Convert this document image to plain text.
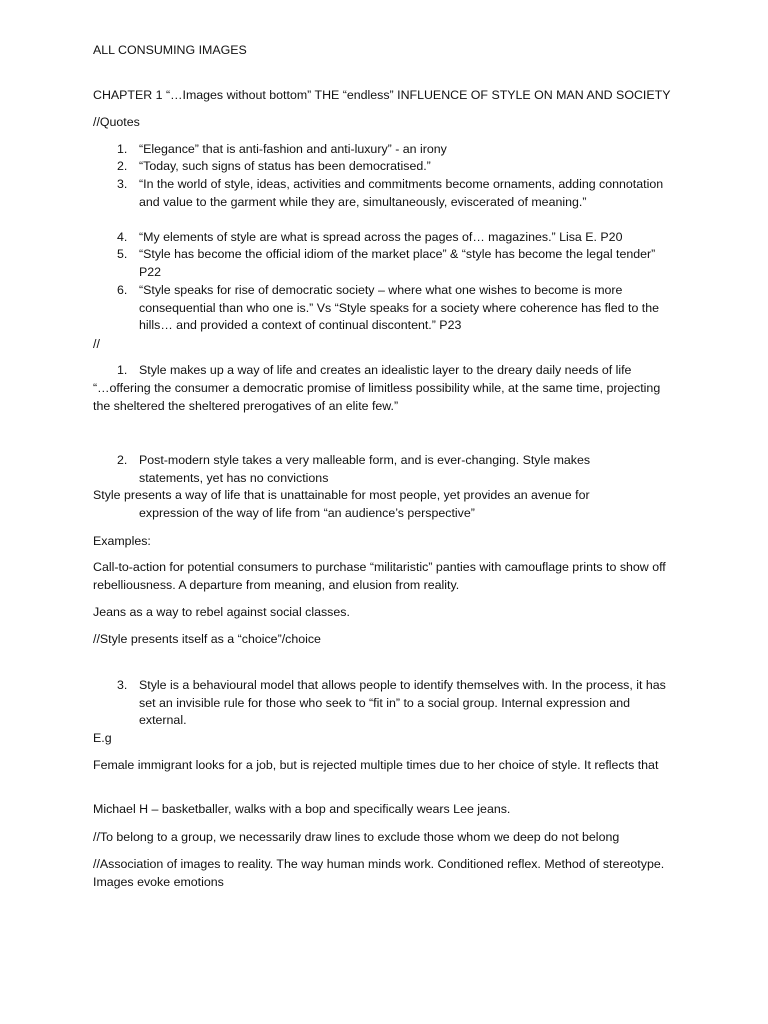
ALL CONSUMING IMAGES

CHAPTER 1 “…Images without bottom” THE “endless” INFLUENCE OF STYLE ON MAN AND SOCIETY

//Quotes

1. “Elegance” that is anti-fashion and anti-luxury” - an irony
2. “Today, such signs of status has been democratised.”
3. “In the world of style, ideas, activities and commitments become ornaments, adding connotation and value to the garment while they are, simultaneously, eviscerated of meaning.”
4. “My elements of style are what is spread across the pages of… magazines.” Lisa E. P20
5. “Style has become the official idiom of the market place” & “style has become the legal tender” P22
6. “Style speaks for rise of democratic society – where what one wishes to become is more consequential than who one is.” Vs “Style speaks for a society where coherence has fled to the hills… and provided a context of continual discontent.” P23

//

1. Style makes up a way of life and creates an idealistic layer to the dreary daily needs of life

“…offering the consumer a democratic promise of limitless possibility while, at the same time, projecting the sheltered the sheltered prerogatives of an elite few.”

2. Post-modern style takes a very malleable form, and is ever-changing. Style makes statements, yet has no convictions
Style presents a way of life that is unattainable for most people, yet provides an avenue for
expression of the way of life from “an audience’s perspective”

Examples:

Call-to-action for potential consumers to purchase “militaristic” panties with camouflage prints to show off rebelliousness. A departure from meaning, and elusion from reality.

Jeans as a way to rebel against social classes.

//Style presents itself as a “choice”/choice

3. Style is a behavioural model that allows people to identify themselves with. In the process, it has set an invisible rule for those who seek to “fit in” to a social group. Internal expression and external.

E.g

Female immigrant looks for a job, but is rejected multiple times due to her choice of style. It reflects that

Michael H – basketballer, walks with a bop and specifically wears Lee jeans.

//To belong to a group, we necessarily draw lines to exclude those whom we deep do not belong

//Association of images to reality. The way human minds work. Conditioned reflex. Method of stereotype. Images evoke emotions
